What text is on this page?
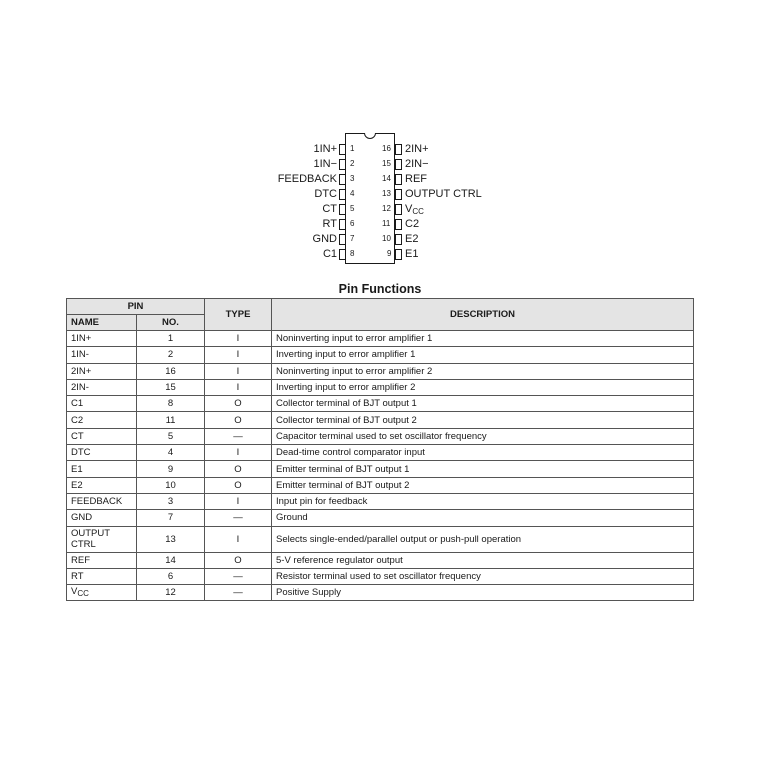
1IN+ 1
1IN− 2
FEEDBACK 3
DTC 4
CT 5
RT 6
GND 7
C1 8
16 2IN+
15 2IN−
14 REF
13 OUTPUT CTRL
12 $V_{CC}$
11 C2
10 E2
9 E1
Pin Functions
PIN		TYPE	DESCRIPTION
NAME	NO.		
1IN+	1	I	Noninverting input to error amplifier 1
1IN-	2	I	Inverting input to error amplifier 1
2IN+	16	I	Noninverting input to error amplifier 2
2IN-	15	I	Inverting input to error amplifier 2
C1	8	O	Collector terminal of BJT output 1
C2	11	O	Collector terminal of BJT output 2
CT	5	—	Capacitor terminal used to set oscillator frequency
DTC	4	I	Dead-time control comparator input
E1	9	O	Emitter terminal of BJT output 1
E2	10	O	Emitter terminal of BJT output 2
FEEDBACK	3	I	Input pin for feedback
GND	7	—	Ground
OUTPUT CTRL	13	I	Selects single-ended/parallel output or push-pull operation
REF	14	O	5-V reference regulator output
RT	6	—	Resistor terminal used to set oscillator frequency
$V_{CC}$	12	—	Positive Supply
